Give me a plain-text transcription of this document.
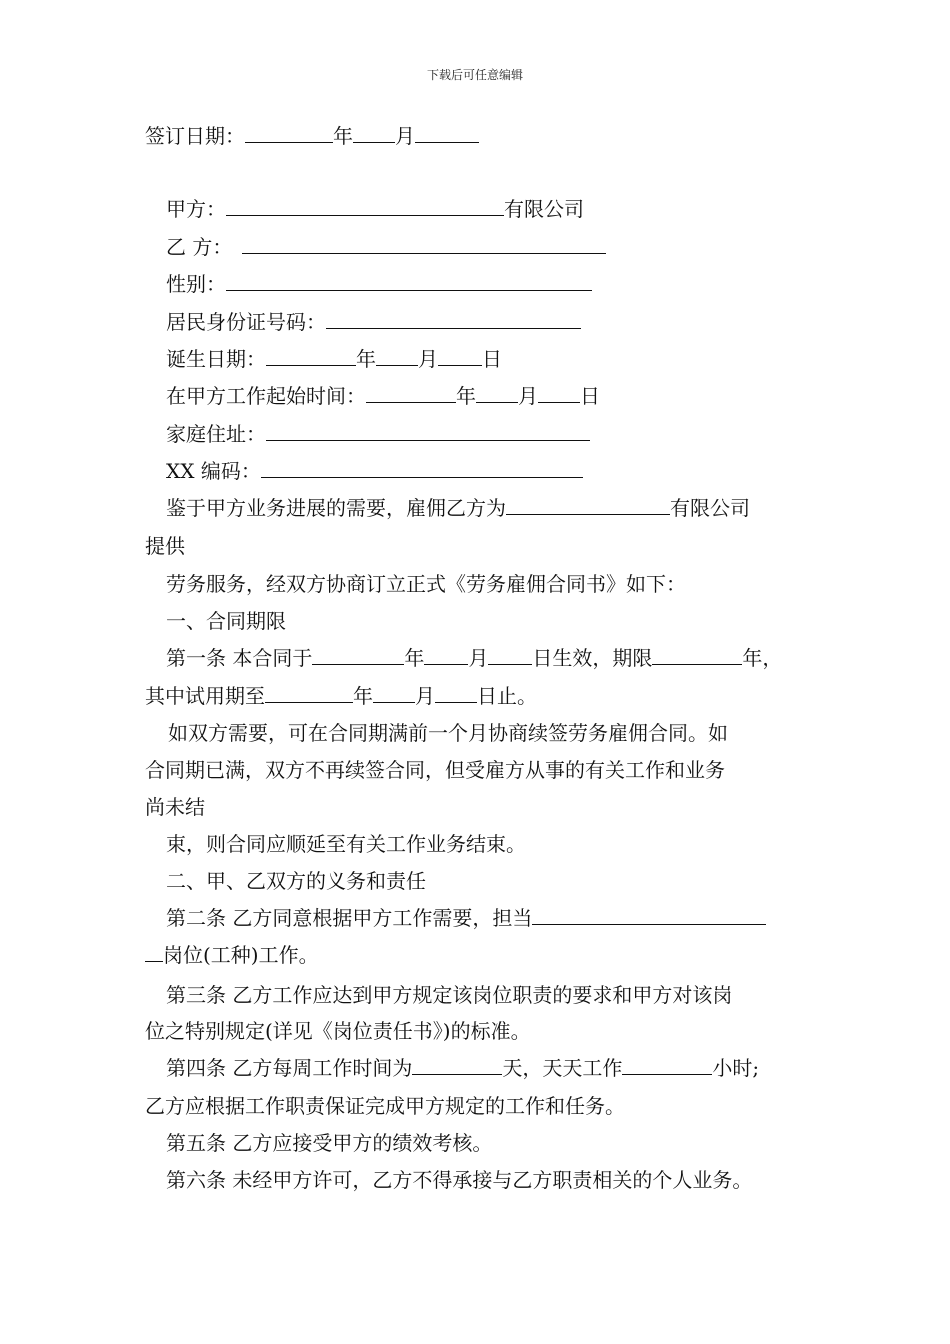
下载后可任意编辑
签订日期：	年 月
甲方：	有限公司
乙 方：
性别：
居民身份证号码：
诞生日期：	年 月 日
在甲方工作起始时间：	年 月 日
家庭住址：
XX 编码：
鉴于甲方业务进展的需要，雇佣乙方为	有限公司
提供
劳务服务，经双方协商订立正式《劳务雇佣合同书》如下：
一、合同期限
第一条 本合同于	年 月 日生效，期限	年，
其中试用期至	年 月 日止。
如双方需要，可在合同期满前一个月协商续签劳务雇佣合同。如
合同期已满，双方不再续签合同，但受雇方从事的有关工作和业务
尚未结
束，则合同应顺延至有关工作业务结束。
二、甲、乙双方的义务和责任
第二条 乙方同意根据甲方工作需要，担当
岗位(工种)工作。
第三条 乙方工作应达到甲方规定该岗位职责的要求和甲方对该岗
位之特别规定(详见《岗位责任书》)的标准。
第四条 乙方每周工作时间为	天，天天工作	小时;
乙方应根据工作职责保证完成甲方规定的工作和任务。
第五条 乙方应接受甲方的绩效考核。
第六条 未经甲方许可，乙方不得承接与乙方职责相关的个人业务。
